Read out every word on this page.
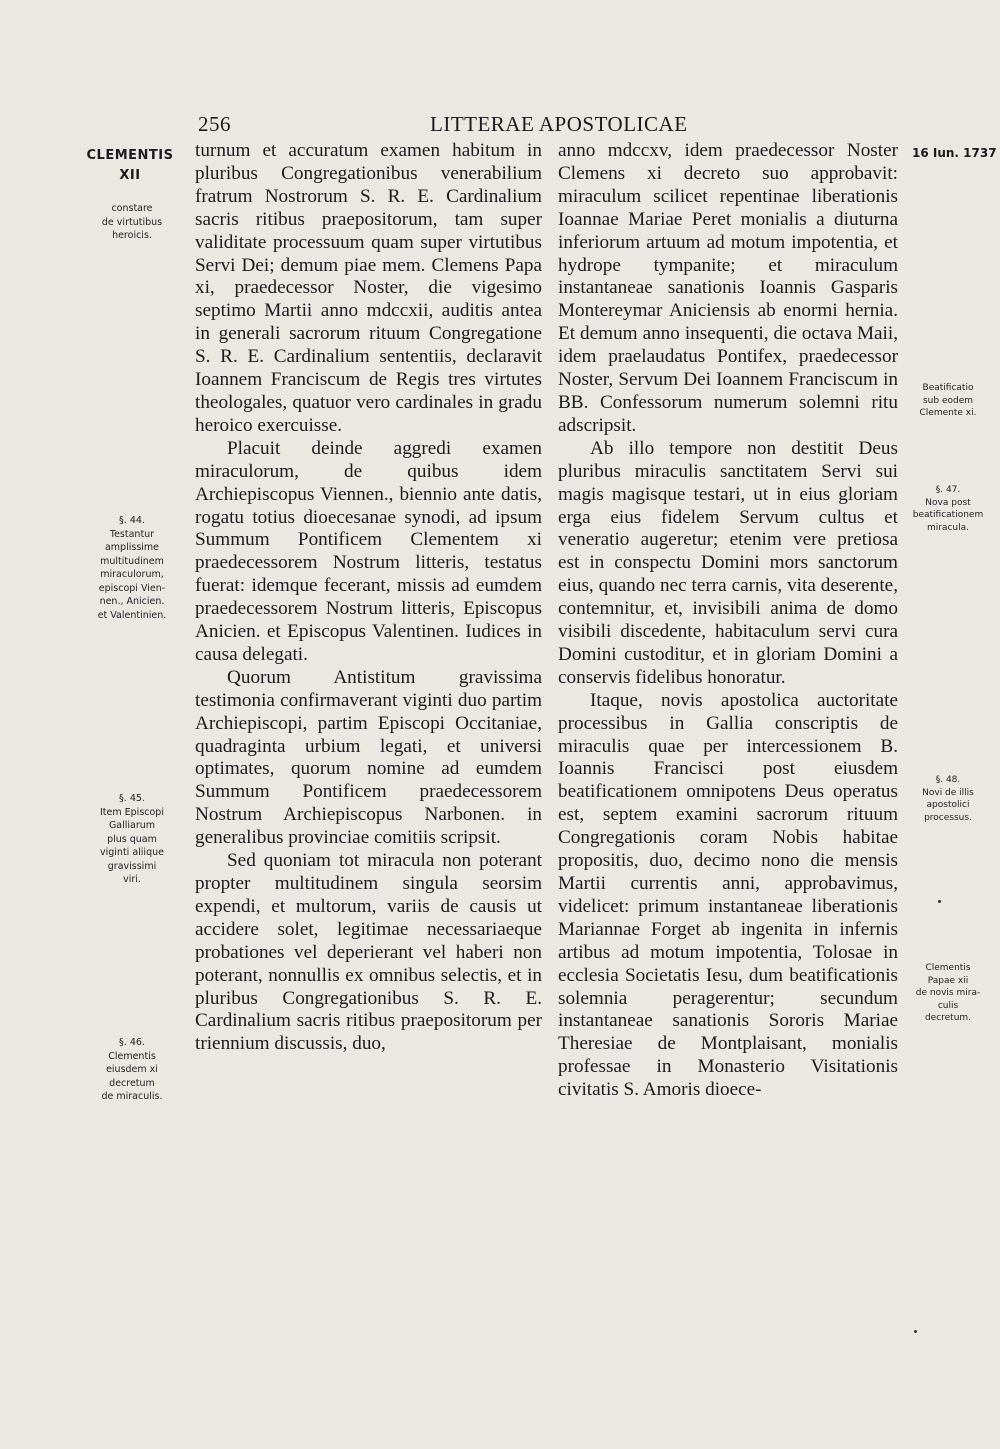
256	LITTERAE APOSTOLICAE
CLEMENTIS
XII
16 Iun. 1737
constare
de virtutibus
heroicis.
§. 44.
Testantur
amplissime
multitudinem
miraculorum,
episcopi Vien-
nen., Anicien.
et Valentinien.
§. 45.
Item Episcopi
Galliarum
plus quam
viginti aliique
gravissimi
viri.
§. 46.
Clementis
eiusdem xi
decretum
de miraculis.
Beatificatio
sub eodem
Clemente xi.
§. 47.
Nova post
beatificationem
miracula.
§. 48.
Novi de illis
apostolici
processus.
Clementis
Papae xii
de novis mira-
culis
decretum.

turnum et accuratum examen habitum in pluribus Congregationibus venerabilium fratrum Nostrorum S. R. E. Cardinalium sacris ritibus praepositorum, tam super validitate processuum quam super virtutibus Servi Dei; demum piae mem. Clemens Papa xi, praedecessor Noster, die vigesimo septimo Martii anno mdccxii, auditis antea in generali sacrorum rituum Congregatione S. R. E. Cardinalium sententiis, declaravit Ioannem Franciscum de Regis tres virtutes theologales, quatuor vero cardinales in gradu heroico exercuisse.

Placuit deinde aggredi examen miraculorum, de quibus idem Archiepiscopus Viennen., biennio ante datis, rogatu totius dioecesanae synodi, ad ipsum Summum Pontificem Clementem xi praedecessorem Nostrum litteris, testatus fuerat: idemque fecerant, missis ad eumdem praedecessorem Nostrum litteris, Episcopus Anicien. et Episcopus Valentinen. Iudices in causa delegati.

Quorum Antistitum gravissima testimonia confirmaverant viginti duo partim Archiepiscopi, partim Episcopi Occitaniae, quadraginta urbium legati, et universi optimates, quorum nomine ad eumdem Summum Pontificem praedecessorem Nostrum Archiepiscopus Narbonen. in generalibus provinciae comitiis scripsit.

Sed quoniam tot miracula non poterant propter multitudinem singula seorsim expendi, et multorum, variis de causis ut accidere solet, legitimae necessariaeque probationes vel deperierant vel haberi non poterant, nonnullis ex omnibus selectis, et in pluribus Congregationibus S. R. E. Cardinalium sacris ritibus praepositorum per triennium discussis, duo,

anno mdccxv, idem praedecessor Noster Clemens xi decreto suo approbavit: miraculum scilicet repentinae liberationis Ioannae Mariae Peret monialis a diuturna inferiorum artuum ad motum impotentia, et hydrope tympanite; et miraculum instantaneae sanationis Ioannis Gasparis Montereymar Aniciensis ab enormi hernia. Et demum anno insequenti, die octava Maii, idem praelaudatus Pontifex, praedecessor Noster, Servum Dei Ioannem Franciscum in BB. Confessorum numerum solemni ritu adscripsit.

Ab illo tempore non destitit Deus pluribus miraculis sanctitatem Servi sui magis magisque testari, ut in eius gloriam erga eius fidelem Servum cultus et veneratio augeretur; etenim vere pretiosa est in conspectu Domini mors sanctorum eius, quando nec terra carnis, vita deserente, contemnitur, et, invisibili anima de domo visibili discedente, habitaculum servi cura Domini custoditur, et in gloriam Domini a conservis fidelibus honoratur.

Itaque, novis apostolica auctoritate processibus in Gallia conscriptis de miraculis quae per intercessionem B. Ioannis Francisci post eiusdem beatificationem omnipotens Deus operatus est, septem examini sacrorum rituum Congregationis coram Nobis habitae propositis, duo, decimo nono die mensis Martii currentis anni, approbavimus, videlicet: primum instantaneae liberationis Mariannae Forget ab ingenita in infernis artibus ad motum impotentia, Tolosae in ecclesia Societatis Iesu, dum beatificationis solemnia peragerentur; secundum instantaneae sanationis Sororis Mariae Theresiae de Montplaisant, monialis professae in Monasterio Visitationis civitatis S. Amoris dioece-
